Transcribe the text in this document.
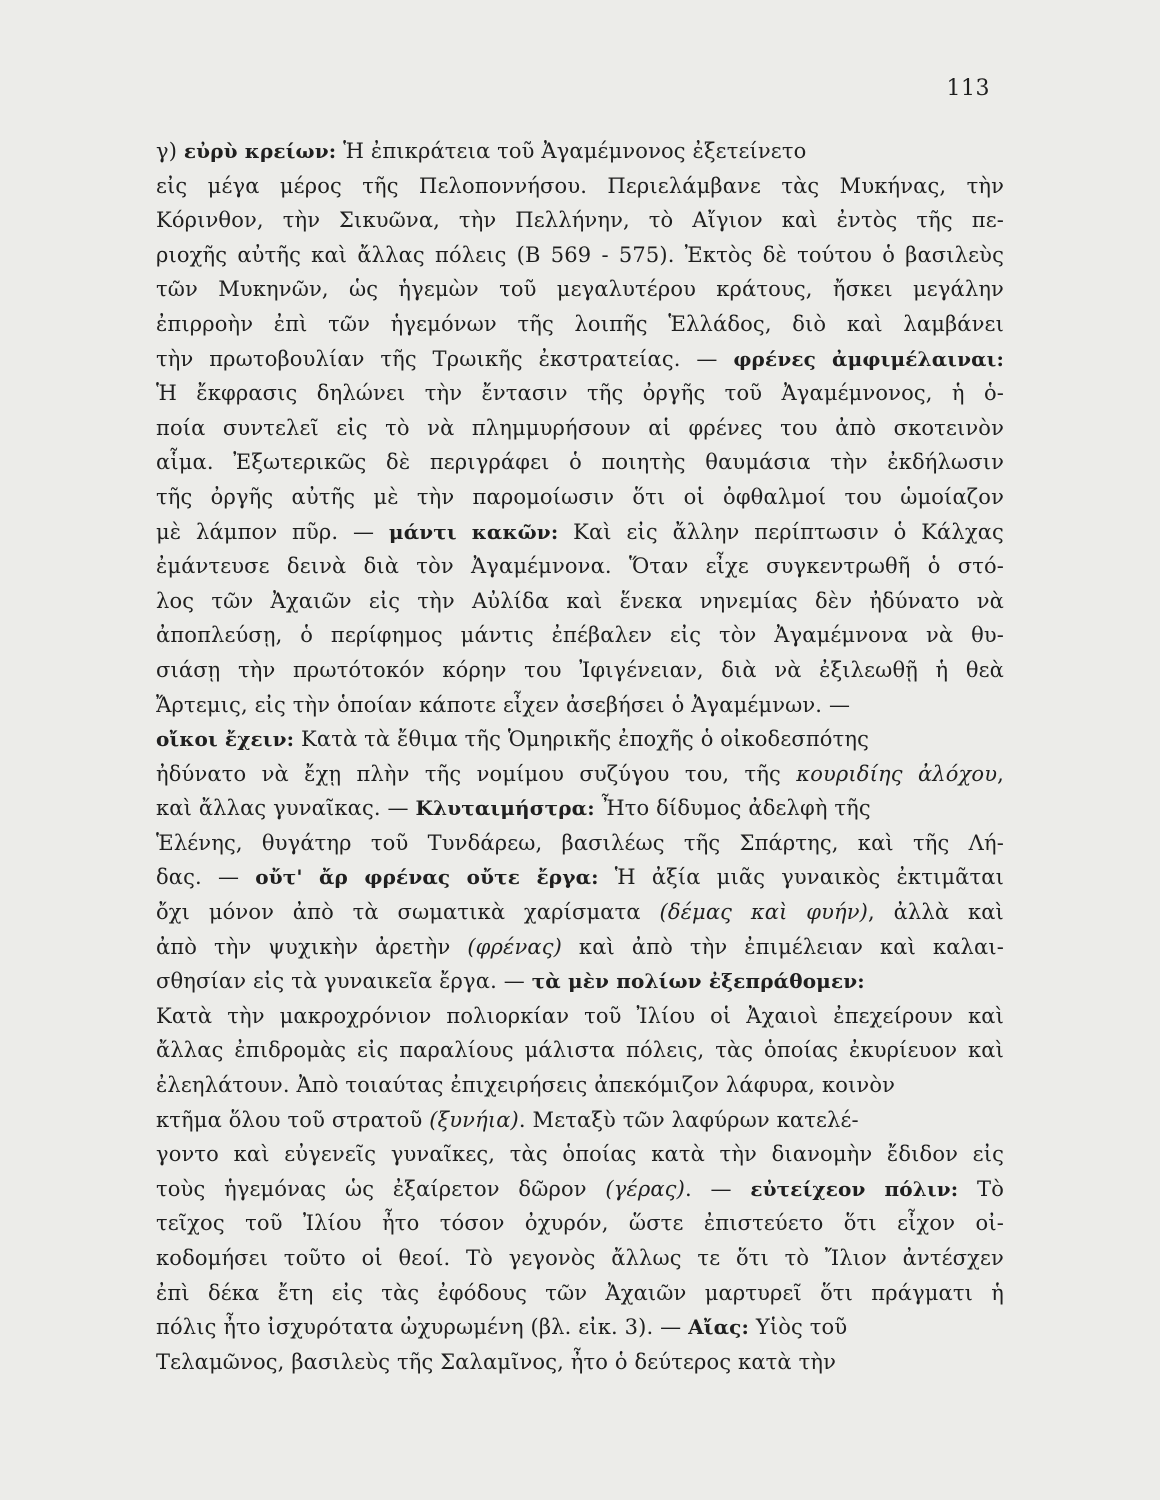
113
γ) εὐρὺ κρείων: Ἡ ἐπικράτεια τοῦ Ἀγαμέμνονος ἐξετείνετο
εἰς μέγα μέρος τῆς Πελοποννήσου. Περιελάμβανε τὰς Μυκήνας, τὴν
Κόρινθον, τὴν Σικυῶνα, τὴν Πελλήνην, τὸ Αἴγιον καὶ ἐντὸς τῆς πε-
ριοχῆς αὐτῆς καὶ ἄλλας πόλεις (Β 569 - 575). Ἐκτὸς δὲ τούτου ὁ βασιλεὺς
τῶν Μυκηνῶν, ὡς ἡγεμὼν τοῦ μεγαλυτέρου κράτους, ἤσκει μεγάλην
ἐπιρροὴν ἐπὶ τῶν ἡγεμόνων τῆς λοιπῆς Ἑλλάδος, διὸ καὶ λαμβάνει
τὴν πρωτοβουλίαν τῆς Τρωικῆς ἐκστρατείας. — φρένες ἀμφιμέλαιναι:
Ἡ ἔκφρασις δηλώνει τὴν ἔντασιν τῆς ὀργῆς τοῦ Ἀγαμέμνονος, ἡ ὁ-
ποία συντελεῖ εἰς τὸ νὰ πλημμυρήσουν αἱ φρένες του ἀπὸ σκοτεινὸν
αἷμα. Ἐξωτερικῶς δὲ περιγράφει ὁ ποιητὴς θαυμάσια τὴν ἐκδήλωσιν
τῆς ὀργῆς αὐτῆς μὲ τὴν παρομοίωσιν ὅτι οἱ ὀφθαλμοί του ὡμοίαζον
μὲ λάμπον πῦρ. — μάντι κακῶν: Καὶ εἰς ἄλλην περίπτωσιν ὁ Κάλχας
ἐμάντευσε δεινὰ διὰ τὸν Ἀγαμέμνονα. Ὅταν εἶχε συγκεντρωθῆ ὁ στό-
λος τῶν Ἀχαιῶν εἰς τὴν Αὐλίδα καὶ ἕνεκα νηνεμίας δὲν ἠδύνατο νὰ
ἀποπλεύσῃ, ὁ περίφημος μάντις ἐπέβαλεν εἰς τὸν Ἀγαμέμνονα νὰ θυ-
σιάσῃ τὴν πρωτότοκόν κόρην του Ἰφιγένειαν, διὰ νὰ ἐξιλεωθῇ ἡ θεὰ
Ἄρτεμις, εἰς τὴν ὁποίαν κάποτε εἶχεν ἀσεβήσει ὁ Ἀγαμέμνων. —
οἴκοι ἔχειν: Κατὰ τὰ ἔθιμα τῆς Ὁμηρικῆς ἐποχῆς ὁ οἰκοδεσπότης
ἠδύνατο νὰ ἔχῃ πλὴν τῆς νομίμου συζύγου του, τῆς κουριδίης ἀλόχου,
καὶ ἄλλας γυναῖκας. — Κλυταιμήστρα: Ἦτο δίδυμος ἀδελφὴ τῆς
Ἑλένης, θυγάτηρ τοῦ Τυνδάρεω, βασιλέως τῆς Σπάρτης, καὶ τῆς Λή-
δας. — οὔτ' ἄρ φρένας οὔτε ἔργα: Ἡ ἀξία μιᾶς γυναικὸς ἐκτιμᾶται
ὄχι μόνον ἀπὸ τὰ σωματικὰ χαρίσματα (δέμας καὶ φυήν), ἀλλὰ καὶ
ἀπὸ τὴν ψυχικὴν ἀρετὴν (φρένας) καὶ ἀπὸ τὴν ἐπιμέλειαν καὶ καλαι-
σθησίαν εἰς τὰ γυναικεῖα ἔργα. — τὰ μὲν πολίων ἐξεπράθομεν:
Κατὰ τὴν μακροχρόνιον πολιορκίαν τοῦ Ἰλίου οἱ Ἀχαιοὶ ἐπεχείρουν καὶ
ἄλλας ἐπιδρομὰς εἰς παραλίους μάλιστα πόλεις, τὰς ὁποίας ἐκυρίευον καὶ
ἐλεηλάτουν. Ἀπὸ τοιαύτας ἐπιχειρήσεις ἀπεκόμιζον λάφυρα, κοινὸν
κτῆμα ὅλου τοῦ στρατοῦ (ξυνήια). Μεταξὺ τῶν λαφύρων κατελέ-
γοντο καὶ εὐγενεῖς γυναῖκες, τὰς ὁποίας κατὰ τὴν διανομὴν ἔδιδον εἰς
τοὺς ἡγεμόνας ὡς ἐξαίρετον δῶρον (γέρας). — εὐτείχεον πόλιν: Τὸ
τεῖχος τοῦ Ἰλίου ἦτο τόσον ὀχυρόν, ὥστε ἐπιστεύετο ὅτι εἶχον οἰ-
κοδομήσει τοῦτο οἱ θεοί. Τὸ γεγονὸς ἄλλως τε ὅτι τὸ Ἴλιον ἀντέσχεν
ἐπὶ δέκα ἔτη εἰς τὰς ἐφόδους τῶν Ἀχαιῶν μαρτυρεῖ ὅτι πράγματι ἡ
πόλις ἦτο ἰσχυρότατα ὠχυρωμένη (βλ. εἰκ. 3). — Αἴας: Υἱὸς τοῦ
Τελαμῶνος, βασιλεὺς τῆς Σαλαμῖνος, ἦτο ὁ δεύτερος κατὰ τὴν
